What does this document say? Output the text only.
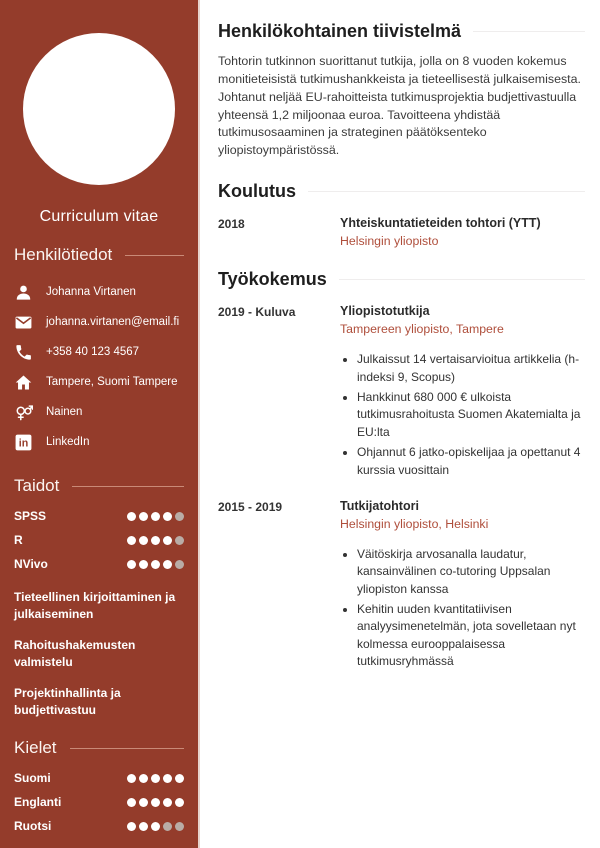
Curriculum vitae
Henkilötiedot
Johanna Virtanen
johanna.virtanen@email.fi
+358 40 123 4567
Tampere, Suomi Tampere
Nainen
in LinkedIn
Taidot
SPSS
R
NVivo
Tieteellinen kirjoittaminen ja julkaiseminen
Rahoitushakemusten valmistelu
Projektinhallinta ja budjettivastuu
Kielet
Suomi
Englanti
Ruotsi
Henkilökohtainen tiivistelmä

Tohtorin tutkinnon suorittanut tutkija, jolla on 8 vuoden kokemus monitieteisistä tutkimushankkeista ja tieteellisestä julkaisemisesta. Johtanut neljää EU-rahoitteista tutkimusprojektia budjettivastuulla yhteensä 1,2 miljoonaa euroa. Tavoitteena yhdistää tutkimusosaaminen ja strateginen päätöksenteko yliopistoympäristössä.

Koulutus
2018	Yhteiskuntatieteiden tohtori (YTT)
Helsingin yliopisto
Työkokemus
2019 - Kuluva	Yliopistotutkija
Tampereen yliopisto, Tampere
• Julkaissut 14 vertaisarvioitua artikkelia (h-indeksi 9, Scopus)
• Hankkinut 680 000 € ulkoista tutkimusrahoitusta Suomen Akatemialta ja EU:lta
• Ohjannut 6 jatko-opiskelijaa ja opettanut 4 kurssia vuosittain
2015 - 2019	Tutkijatohtori
Helsingin yliopisto, Helsinki
• Väitöskirja arvosanalla laudatur, kansainvälinen co-tutoring Uppsalan yliopiston kanssa
• Kehitin uuden kvantitatiivisen analyysimenetelmän, jota sovelletaan nyt kolmessa eurooppalaisessa tutkimusryhmässä
